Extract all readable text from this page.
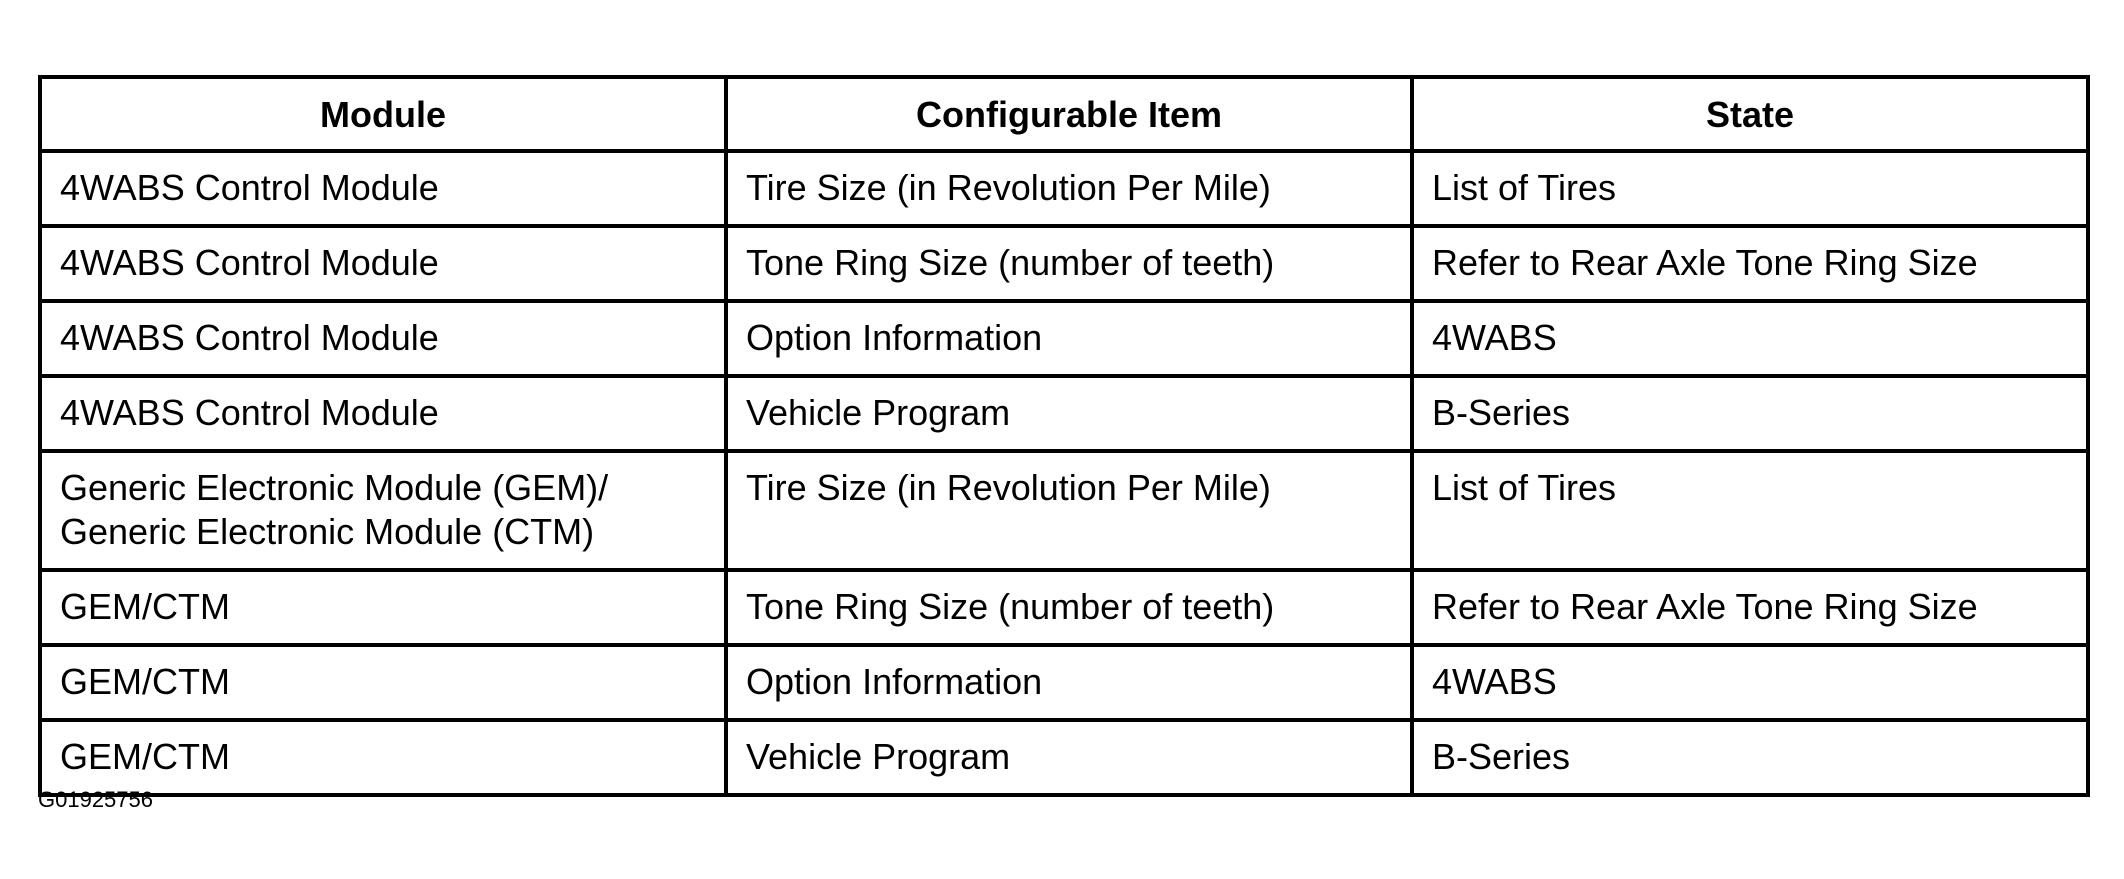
Module	Configurable Item	State

4WABS Control Module	Tire Size (in Revolution Per Mile)	List of Tires

4WABS Control Module	Tone Ring Size (number of teeth)	Refer to Rear Axle Tone Ring Size

4WABS Control Module	Option Information	4WABS

4WABS Control Module	Vehicle Program	B-Series

Generic Electronic Module (GEM)/
Generic Electronic Module (CTM)	Tire Size (in Revolution Per Mile)	List of Tires

GEM/CTM	Tone Ring Size (number of teeth)	Refer to Rear Axle Tone Ring Size

GEM/CTM	Option Information	4WABS

GEM/CTM	Vehicle Program	B-Series
G01925756
